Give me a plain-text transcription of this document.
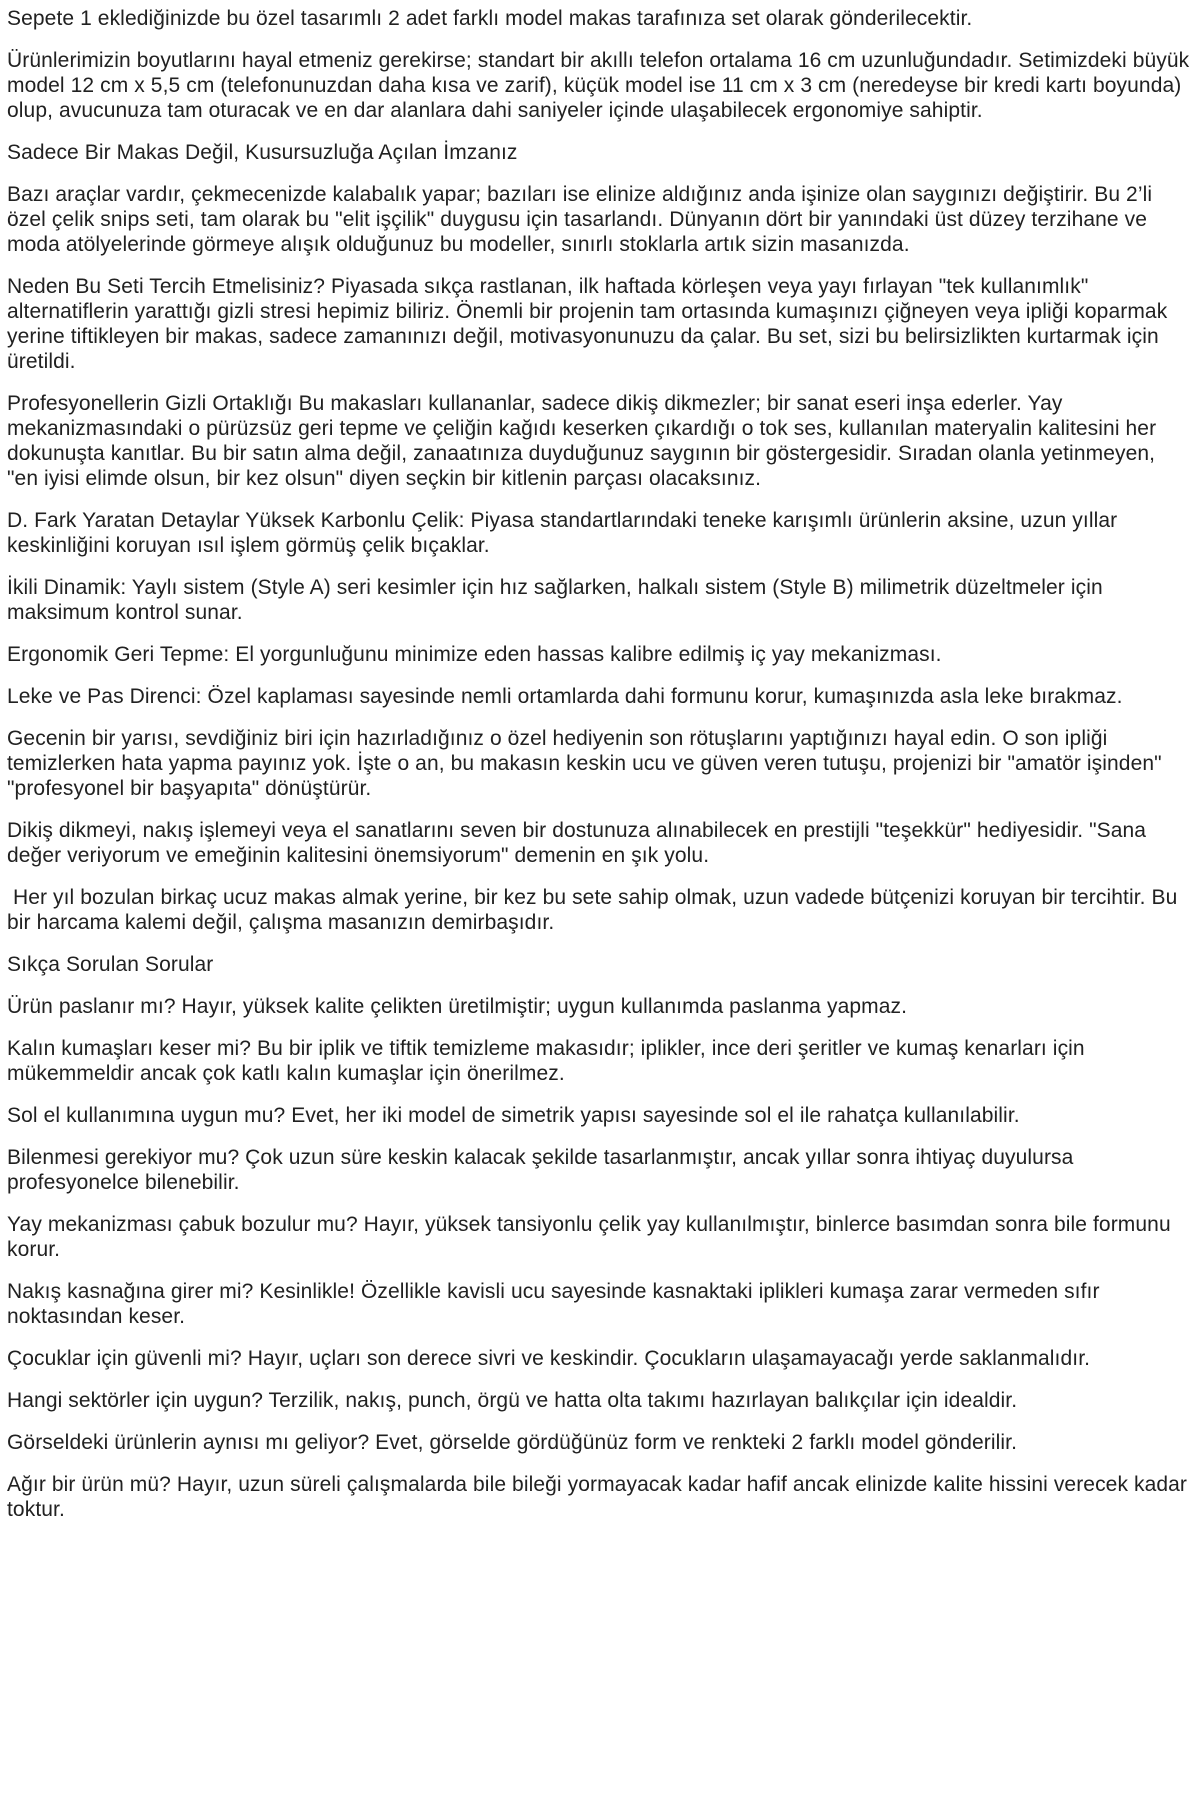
Sepete 1 eklediğinizde bu özel tasarımlı 2 adet farklı model makas tarafınıza set olarak gönderilecektir.

Ürünlerimizin boyutlarını hayal etmeniz gerekirse; standart bir akıllı telefon ortalama 16 cm uzunluğundadır. Setimizdeki büyük model 12 cm x 5,5 cm (telefonunuzdan daha kısa ve zarif), küçük model ise 11 cm x 3 cm (neredeyse bir kredi kartı boyunda) olup, avucunuza tam oturacak ve en dar alanlara dahi saniyeler içinde ulaşabilecek ergonomiye sahiptir.

Sadece Bir Makas Değil, Kusursuzluğa Açılan İmzanız

Bazı araçlar vardır, çekmecenizde kalabalık yapar; bazıları ise elinize aldığınız anda işinize olan saygınızı değiştirir. Bu 2’li özel çelik snips seti, tam olarak bu "elit işçilik" duygusu için tasarlandı. Dünyanın dört bir yanındaki üst düzey terzihane ve moda atölyelerinde görmeye alışık olduğunuz bu modeller, sınırlı stoklarla artık sizin masanızda.

Neden Bu Seti Tercih Etmelisiniz? Piyasada sıkça rastlanan, ilk haftada körleşen veya yayı fırlayan "tek kullanımlık" alternatiflerin yarattığı gizli stresi hepimiz biliriz. Önemli bir projenin tam ortasında kumaşınızı çiğneyen veya ipliği koparmak yerine tiftikleyen bir makas, sadece zamanınızı değil, motivasyonunuzu da çalar. Bu set, sizi bu belirsizlikten kurtarmak için üretildi.

Profesyonellerin Gizli Ortaklığı Bu makasları kullananlar, sadece dikiş dikmezler; bir sanat eseri inşa ederler. Yay mekanizmasındaki o pürüzsüz geri tepme ve çeliğin kağıdı keserken çıkardığı o tok ses, kullanılan materyalin kalitesini her dokunuşta kanıtlar. Bu bir satın alma değil, zanaatınıza duyduğunuz saygının bir göstergesidir. Sıradan olanla yetinmeyen, "en iyisi elimde olsun, bir kez olsun" diyen seçkin bir kitlenin parçası olacaksınız.

D. Fark Yaratan Detaylar Yüksek Karbonlu Çelik: Piyasa standartlarındaki teneke karışımlı ürünlerin aksine, uzun yıllar keskinliğini koruyan ısıl işlem görmüş çelik bıçaklar.

İkili Dinamik: Yaylı sistem (Style A) seri kesimler için hız sağlarken, halkalı sistem (Style B) milimetrik düzeltmeler için maksimum kontrol sunar.

Ergonomik Geri Tepme: El yorgunluğunu minimize eden hassas kalibre edilmiş iç yay mekanizması.

Leke ve Pas Direnci: Özel kaplaması sayesinde nemli ortamlarda dahi formunu korur, kumaşınızda asla leke bırakmaz.

Gecenin bir yarısı, sevdiğiniz biri için hazırladığınız o özel hediyenin son rötuşlarını yaptığınızı hayal edin. O son ipliği temizlerken hata yapma payınız yok. İşte o an, bu makasın keskin ucu ve güven veren tutuşu, projenizi bir "amatör işinden" "profesyonel bir başyapıta" dönüştürür.

Dikiş dikmeyi, nakış işlemeyi veya el sanatlarını seven bir dostunuza alınabilecek en prestijli "teşekkür" hediyesidir. "Sana değer veriyorum ve emeğinin kalitesini önemsiyorum" demenin en şık yolu.

Her yıl bozulan birkaç ucuz makas almak yerine, bir kez bu sete sahip olmak, uzun vadede bütçenizi koruyan bir tercihtir. Bu bir harcama kalemi değil, çalışma masanızın demirbaşıdır.

Sıkça Sorulan Sorular

Ürün paslanır mı? Hayır, yüksek kalite çelikten üretilmiştir; uygun kullanımda paslanma yapmaz.

Kalın kumaşları keser mi? Bu bir iplik ve tiftik temizleme makasıdır; iplikler, ince deri şeritler ve kumaş kenarları için mükemmeldir ancak çok katlı kalın kumaşlar için önerilmez.

Sol el kullanımına uygun mu? Evet, her iki model de simetrik yapısı sayesinde sol el ile rahatça kullanılabilir.

Bilenmesi gerekiyor mu? Çok uzun süre keskin kalacak şekilde tasarlanmıştır, ancak yıllar sonra ihtiyaç duyulursa profesyonelce bilenebilir.

Yay mekanizması çabuk bozulur mu? Hayır, yüksek tansiyonlu çelik yay kullanılmıştır, binlerce basımdan sonra bile formunu korur.

Nakış kasnağına girer mi? Kesinlikle! Özellikle kavisli ucu sayesinde kasnaktaki iplikleri kumaşa zarar vermeden sıfır noktasından keser.

Çocuklar için güvenli mi? Hayır, uçları son derece sivri ve keskindir. Çocukların ulaşamayacağı yerde saklanmalıdır.

Hangi sektörler için uygun? Terzilik, nakış, punch, örgü ve hatta olta takımı hazırlayan balıkçılar için idealdir.

Görseldeki ürünlerin aynısı mı geliyor? Evet, görselde gördüğünüz form ve renkteki 2 farklı model gönderilir.

Ağır bir ürün mü? Hayır, uzun süreli çalışmalarda bile bileği yormayacak kadar hafif ancak elinizde kalite hissini verecek kadar toktur.
